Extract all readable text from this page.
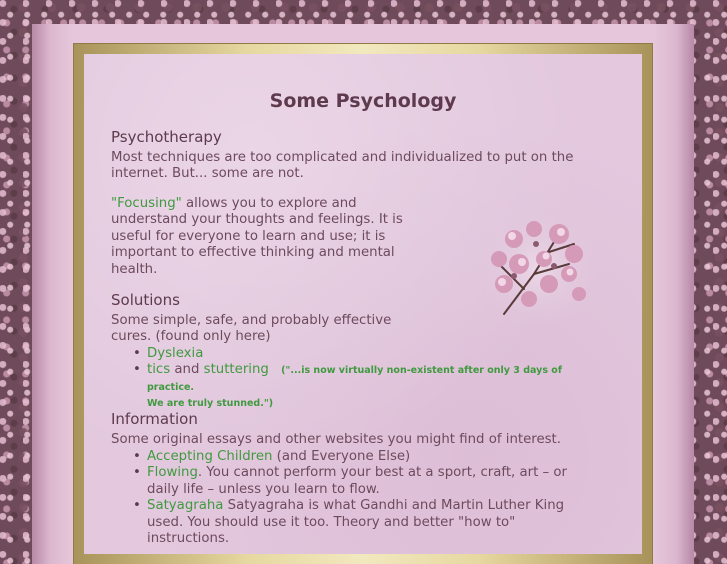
Some Psychology
Psychotherapy

Most techniques are too complicated and individualized to put on the
internet. But... some are not.

"Focusing" allows you to explore and
understand your thoughts and feelings. It is
useful for everyone to learn and use; it is
important to effective thinking and mental
health.

Solutions

Some simple, safe, and probably effective
cures. (found only here)

• Dyslexia
• tics and stuttering ("...is now virtually non-existent after only 3 days of practice.
We are truly stunned.")
Information

Some original essays and other websites you might find of interest.

• Accepting Children (and Everyone Else)
• Flowing. You cannot perform your best at a sport, craft, art – or
daily life – unless you learn to flow.
• Satyagraha Satyagraha is what Gandhi and Martin Luther King
used. You should use it too. Theory and better "how to"
instructions.
